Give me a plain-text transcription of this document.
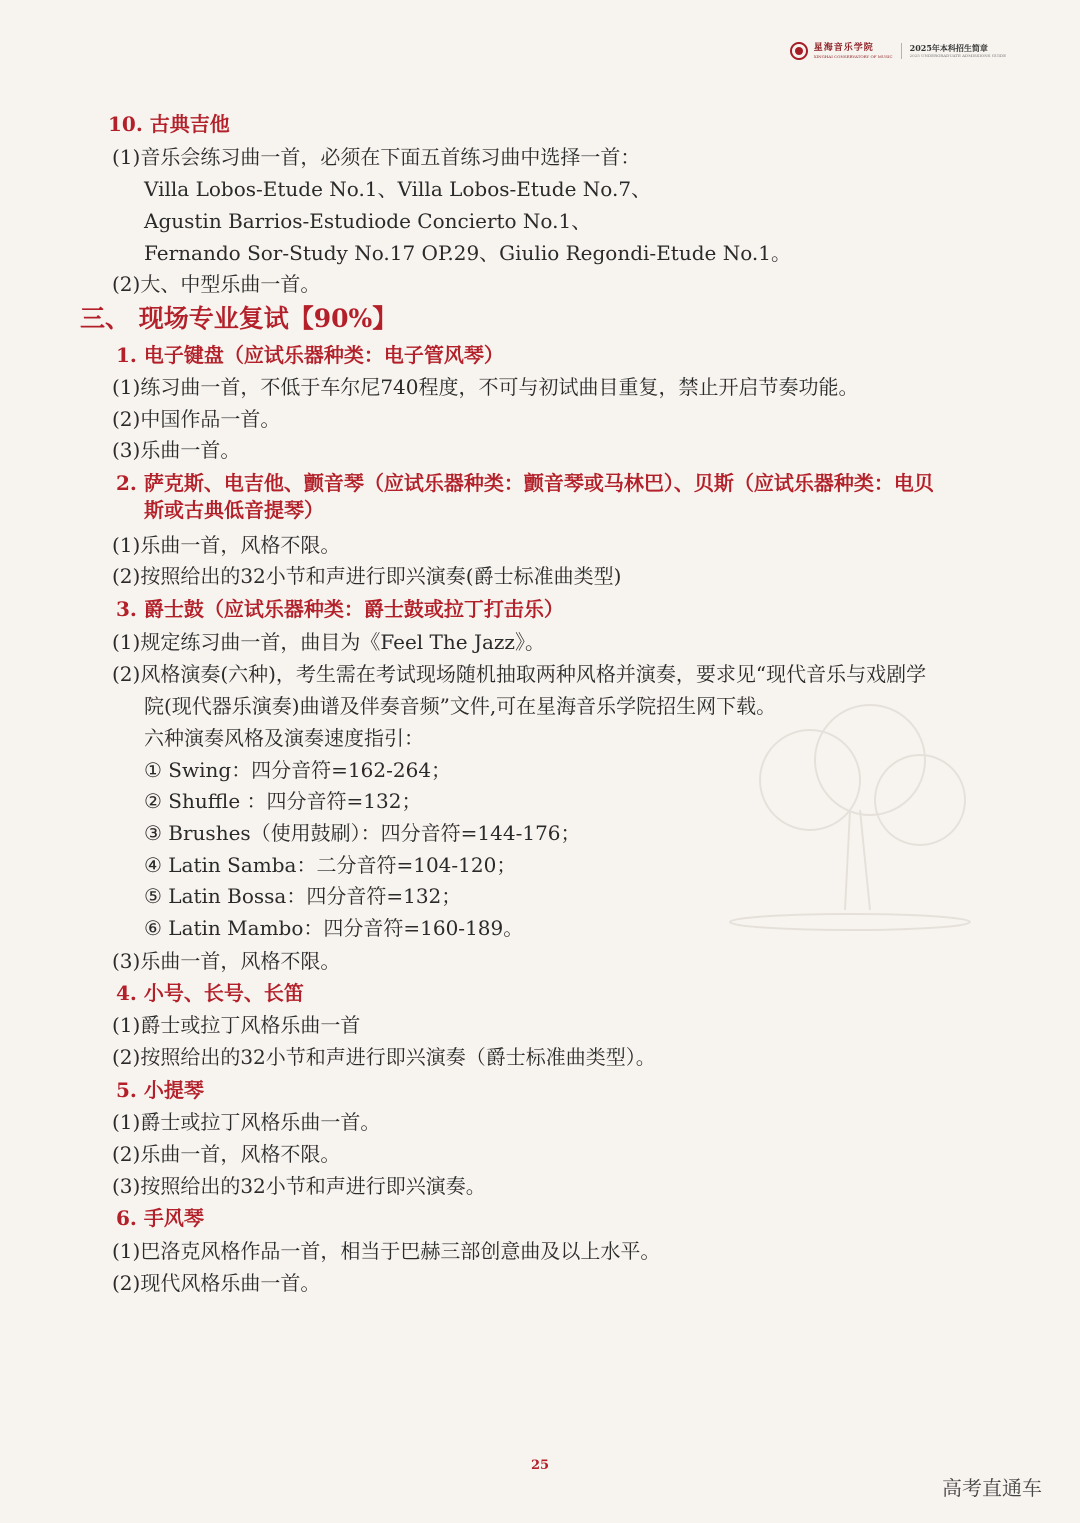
星海音乐学院
XINGHAI CONSERVATORY OF MUSIC
2025年本科招生简章
2025 UNDERGRADUATE ADMISSIONS GUIDE
10. 古典吉他
(1)音乐会练习曲一首，必须在下面五首练习曲中选择一首：
Villa Lobos-Etude No.1、Villa Lobos-Etude No.7、
Agustin Barrios-Estudiode Concierto No.1、
Fernando Sor-Study No.17 OP.29、Giulio Regondi-Etude No.1。
(2)大、中型乐曲一首。
三、 现场专业复试【90%】
1. 电子键盘（应试乐器种类：电子管风琴）
(1)练习曲一首，不低于车尔尼740程度，不可与初试曲目重复，禁止开启节奏功能。
(2)中国作品一首。
(3)乐曲一首。
2. 萨克斯、电吉他、颤音琴（应试乐器种类：颤音琴或马林巴）、贝斯（应试乐器种类：电贝
斯或古典低音提琴）
(1)乐曲一首，风格不限。
(2)按照给出的32小节和声进行即兴演奏(爵士标准曲类型)
3. 爵士鼓（应试乐器种类：爵士鼓或拉丁打击乐）
(1)规定练习曲一首，曲目为《Feel The Jazz》。
(2)风格演奏(六种)，考生需在考试现场随机抽取两种风格并演奏，要求见“现代音乐与戏剧学
院(现代器乐演奏)曲谱及伴奏音频”文件,可在星海音乐学院招生网下载。
六种演奏风格及演奏速度指引：
① Swing：四分音符=162-264；
② Shuffle ：四分音符=132；
③ Brushes（使用鼓刷）：四分音符=144-176；
④ Latin Samba：二分音符=104-120；
⑤ Latin Bossa：四分音符=132；
⑥ Latin Mambo：四分音符=160-189。
(3)乐曲一首，风格不限。
4. 小号、长号、长笛
(1)爵士或拉丁风格乐曲一首
(2)按照给出的32小节和声进行即兴演奏（爵士标准曲类型）。
5. 小提琴
(1)爵士或拉丁风格乐曲一首。
(2)乐曲一首，风格不限。
(3)按照给出的32小节和声进行即兴演奏。
6. 手风琴
(1)巴洛克风格作品一首，相当于巴赫三部创意曲及以上水平。
(2)现代风格乐曲一首。
25
高考直通车
